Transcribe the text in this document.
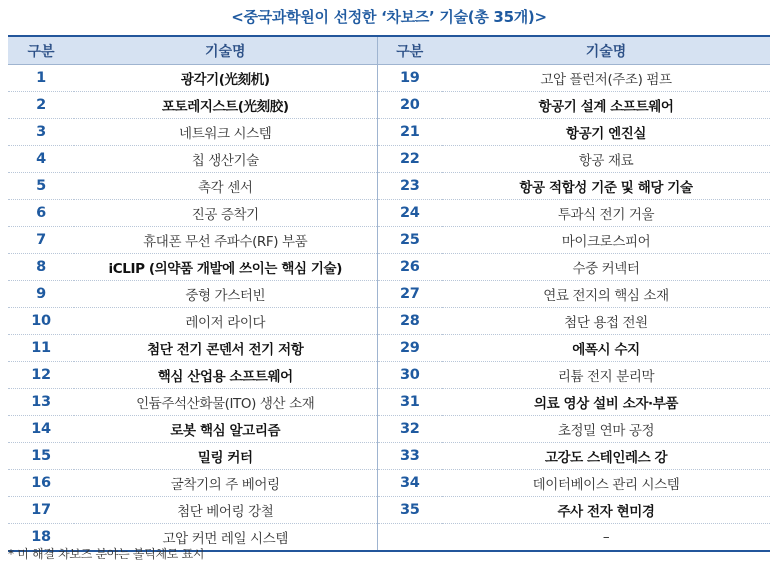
<중국과학원이 선정한 ‘차보즈’ 기술(총 35개)>
구분	기술명	구분	기술명
1	광각기(光刻机)	19	고압 플런저(주조) 펌프
2	포토레지스트(光刻胶)	20	항공기 설계 소프트웨어
3	네트워크 시스템	21	항공기 엔진실
4	칩 생산기술	22	항공 재료
5	촉각 센서	23	항공 적합성 기준 및 해당 기술
6	진공 증착기	24	투과식 전기 거울
7	휴대폰 무선 주파수(RF) 부품	25	마이크로스피어
8	iCLIP (의약품 개발에 쓰이는 핵심 기술)	26	수중 커넥터
9	중형 가스터빈	27	연료 전지의 핵심 소재
10	레이저 라이다	28	첨단 용접 전원
11	첨단 전기 콘덴서 전기 저항	29	에폭시 수지
12	핵심 산업용 소프트웨어	30	리튬 전지 분리막
13	인듐주석산화물(ITO) 생산 소재	31	의료 영상 설비 소자·부품
14	로봇 핵심 알고리즘	32	초정밀 연마 공정
15	밀링 커터	33	고강도 스테인레스 강
16	굴착기의 주 베어링	34	데이터베이스 관리 시스템
17	첨단 베어링 강철	35	주사 전자 현미경
18	고압 커먼 레일 시스템		–
* 미 해결 차보즈 분야는 볼딕체로 표시
